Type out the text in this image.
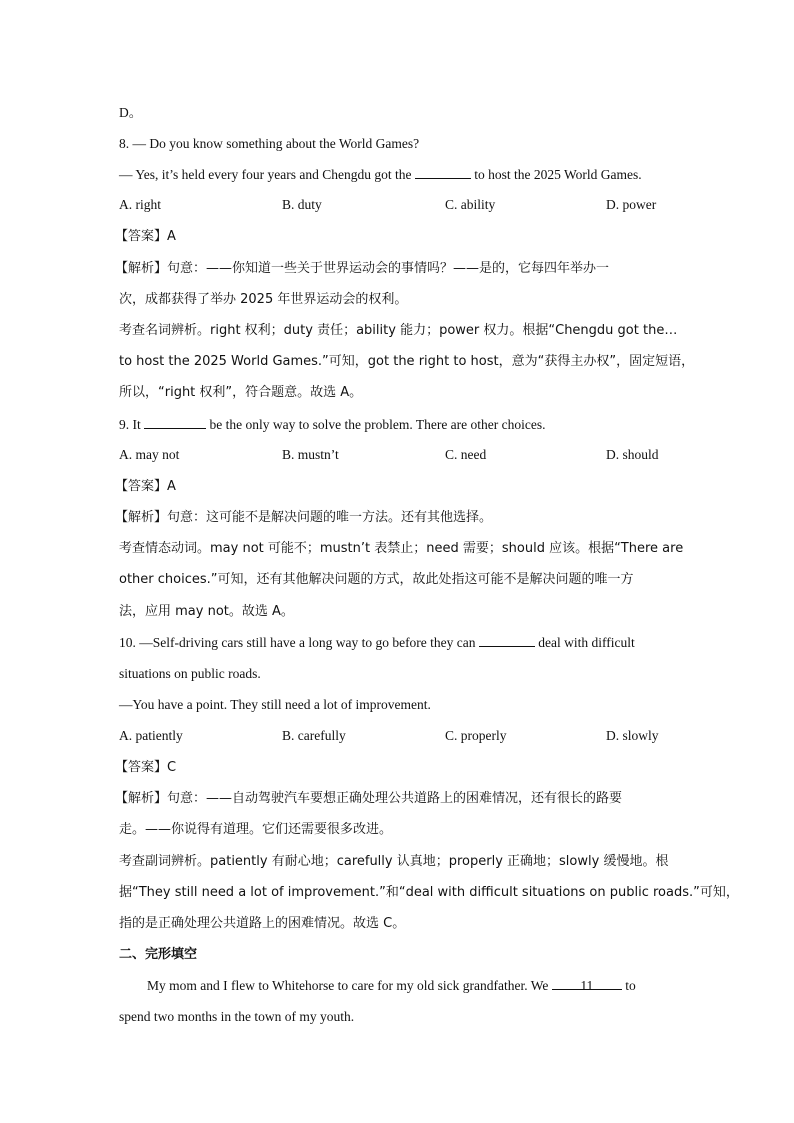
D。
8. — Do you know something about the World Games?
— Yes, it’s held every four years and Chengdu got the	to host the 2025 World Games.
A. right	B. duty	C. ability	D. power
【答案】A
【解析】句意：——你知道一些关于世界运动会的事情吗？——是的，它每四年举办一
次，成都获得了举办 2025 年世界运动会的权利。
考查名词辨析。right 权利；duty 责任；ability 能力；power 权力。根据“Chengdu got the…
to host the 2025 World Games.”可知，got the right to host，意为“获得主办权”，固定短语，
所以，“right 权利”，符合题意。故选 A。
9. It	be the only way to solve the problem. There are other choices.
A. may not	B. mustn’t	C. need	D. should
【答案】A
【解析】句意：这可能不是解决问题的唯一方法。还有其他选择。
考查情态动词。may not 可能不；mustn’t 表禁止；need 需要；should 应该。根据“There are
other choices.”可知，还有其他解决问题的方式，故此处指这可能不是解决问题的唯一方
法，应用 may not。故选 A。
10. —Self-driving cars still have a long way to go before they can	deal with difficult
situations on public roads.
—You have a point. They still need a lot of improvement.
A. patiently	B. carefully	C. properly	D. slowly
【答案】C
【解析】句意：——自动驾驶汽车要想正确处理公共道路上的困难情况，还有很长的路要
走。——你说得有道理。它们还需要很多改进。
考查副词辨析。patiently 有耐心地；carefully 认真地；properly 正确地；slowly 缓慢地。根
据“They still need a lot of improvement.”和“deal with difficult situations on public roads.”可知，
指的是正确处理公共道路上的困难情况。故选 C。
二、完形填空
My mom and I flew to Whitehorse to care for my old sick grandfather. We 11 to
spend two months in the town of my youth.
